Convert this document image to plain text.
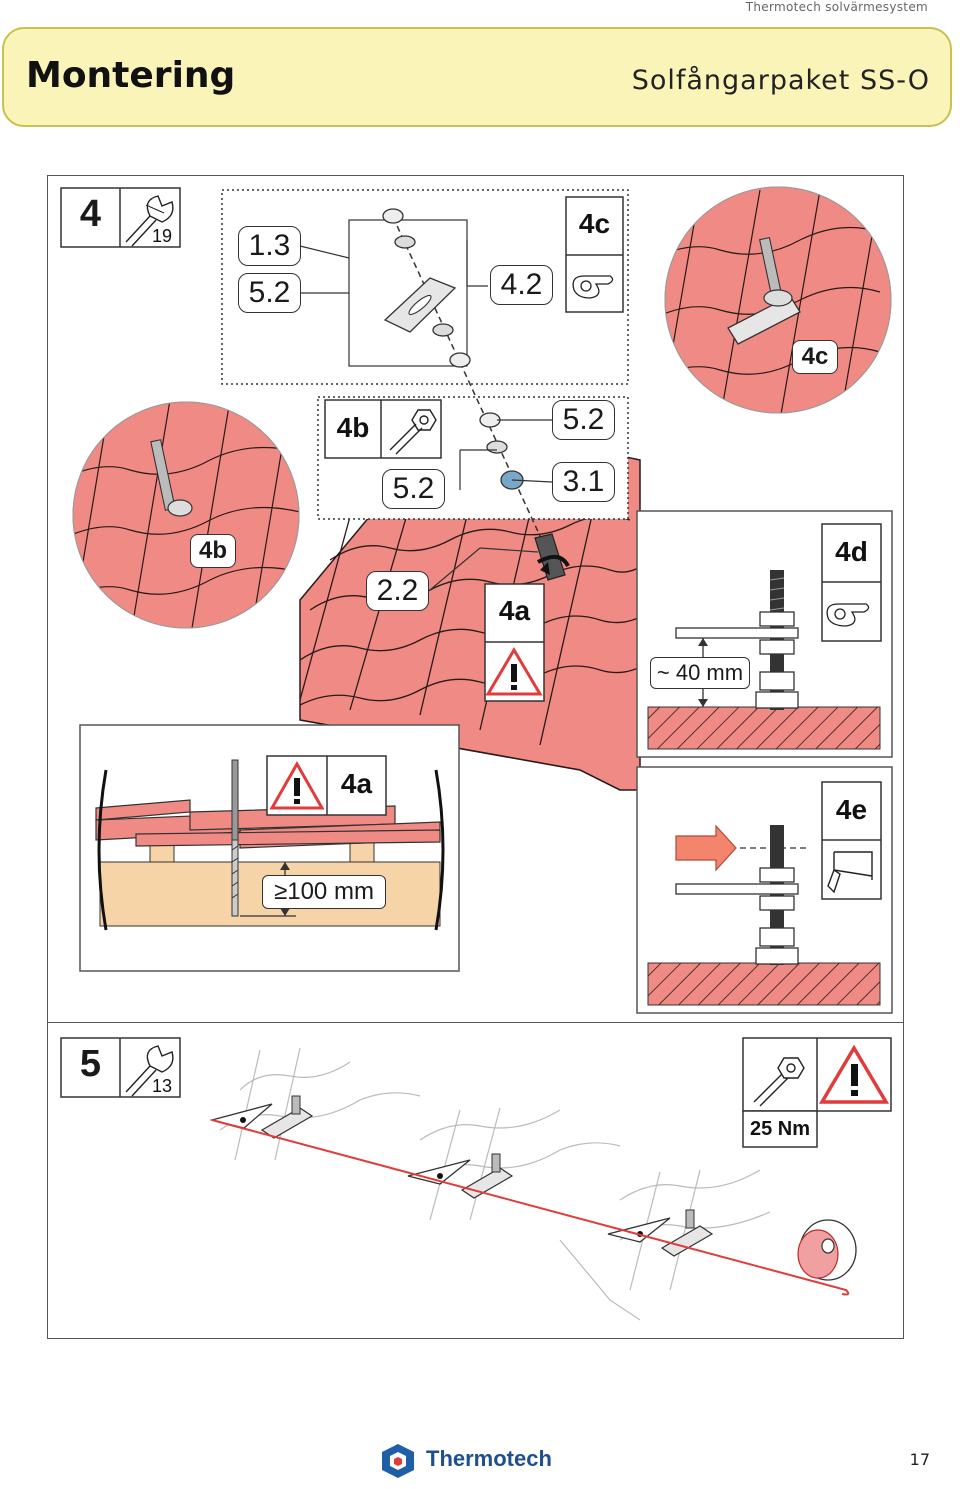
Thermotech solvärmesystem
Montering	Solfångarpaket SS-O
4
19
5
13
1.3
5.2	4.2
5.2
5.2	3.1
2.2
4c
4b
4a
4d
4e
4a
4c
4b
~ 40 mm
≥100 mm
25 Nm
Thermotech	17
